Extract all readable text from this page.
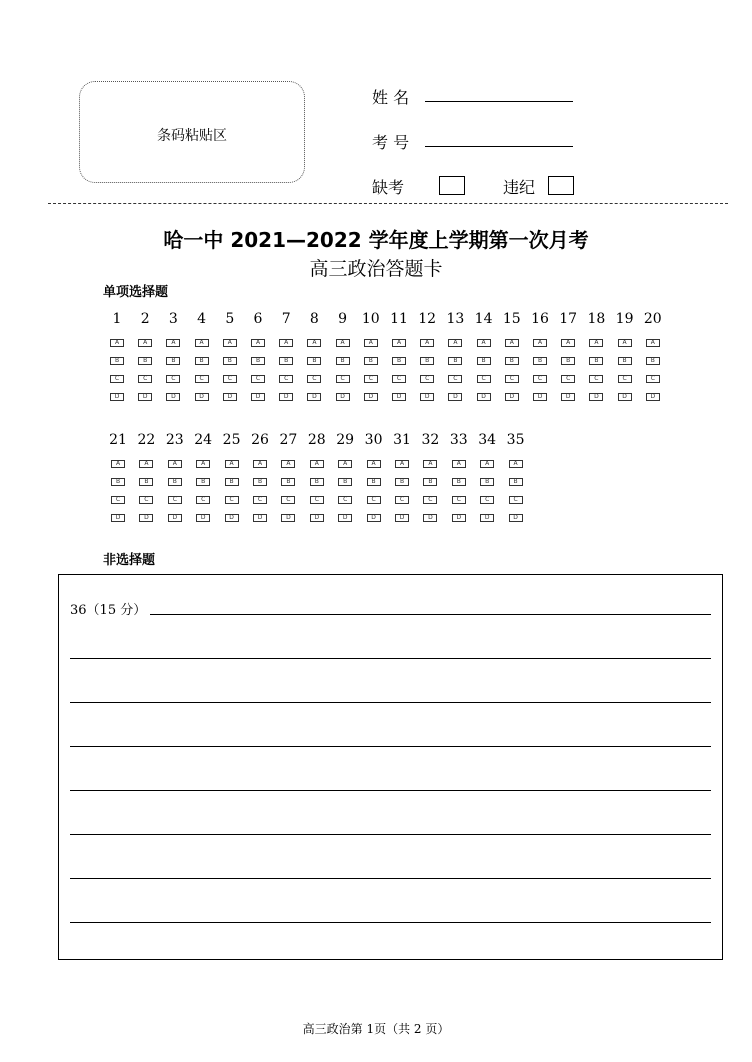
条码粘贴区
姓 名
考 号
缺考	违纪
哈一中 2021—2022 学年度上学期第一次月考
高三政治答题卡
单项选择题
1
A
B
C
D
2
A
B
C
D
3
A
B
C
D
4
A
B
C
D
5
A
B
C
D
6
A
B
C
D
7
A
B
C
D
8
A
B
C
D
9
A
B
C
D
10
A
B
C
D
11
A
B
C
D
12
A
B
C
D
13
A
B
C
D
14
A
B
C
D
15
A
B
C
D
16
A
B
C
D
17
A
B
C
D
18
A
B
C
D
19
A
B
C
D
20
A
B
C
D
21
A
B
C
D
22
A
B
C
D
23
A
B
C
D
24
A
B
C
D
25
A
B
C
D
26
A
B
C
D
27
A
B
C
D
28
A
B
C
D
29
A
B
C
D
30
A
B
C
D
31
A
B
C
D
32
A
B
C
D
33
A
B
C
D
34
A
B
C
D
35
A
B
C
D
非选择题
36（15 分）
高三政治第 1页（共 2 页）
